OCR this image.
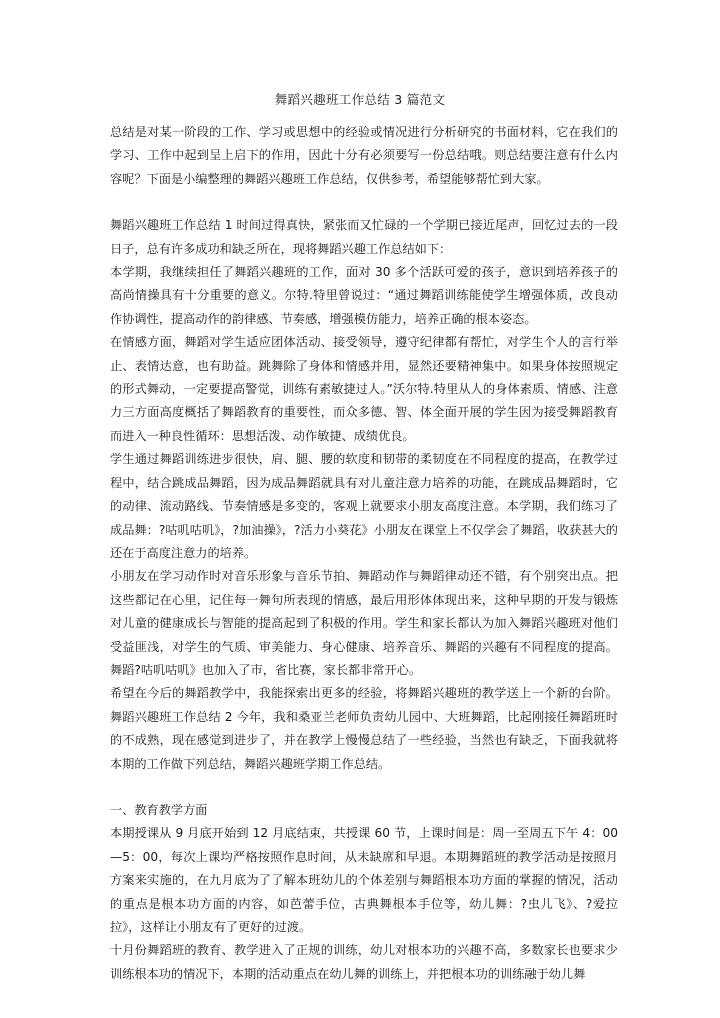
舞蹈兴趣班工作总结 3 篇范文

总结是对某一阶段的工作、学习或思想中的经验或情况进行分析研究的书面材料，它在我们的学习、工作中起到呈上启下的作用，因此十分有必须要写一份总结哦。则总结要注意有什么内容呢？下面是小编整理的舞蹈兴趣班工作总结，仅供参考，希望能够帮忙到大家。

舞蹈兴趣班工作总结 1 时间过得真快，紧张而又忙碌的一个学期已接近尾声，回忆过去的一段日子，总有许多成功和缺乏所在，现将舞蹈兴趣工作总结如下：

本学期，我继续担任了舞蹈兴趣班的工作，面对 30 多个活跃可爱的孩子，意识到培养孩子的高尚情操具有十分重要的意义。尔特.特里曾说过：“通过舞蹈训练能使学生增强体质，改良动作协调性，提高动作的韵律感、节奏感，增强模仿能力，培养正确的根本姿态。

在情感方面，舞蹈对学生适应团体活动、接受领导，遵守纪律都有帮忙，对学生个人的言行举止、表情达意，也有助益。跳舞除了身体和情感并用，显然还要精神集中。如果身体按照规定的形式舞动，一定要提高警觉，训练有素敏捷过人。”沃尔特.特里从人的身体素质、情感、注意力三方面高度概括了舞蹈教育的重要性，而众多德、智、体全面开展的学生因为接受舞蹈教育而进入一种良性循环：思想活泼、动作敏捷、成绩优良。

学生通过舞蹈训练进步很快，肩、腿、腰的软度和韧带的柔韧度在不同程度的提高，在教学过程中，结合跳成品舞蹈，因为成品舞蹈就具有对儿童注意力培养的功能，在跳成品舞蹈时，它的动律、流动路线、节奏情感是多变的，客观上就要求小朋友高度注意。本学期，我们练习了成品舞：?咕叽咕叽》，?加油操》，?活力小葵花》小朋友在课堂上不仅学会了舞蹈，收获甚大的还在于高度注意力的培养。

小朋友在学习动作时对音乐形象与音乐节拍、舞蹈动作与舞蹈律动还不错，有个别突出点。把这些都记在心里，记住每一舞句所表现的情感，最后用形体体现出来，这种早期的开发与锻炼对儿童的健康成长与智能的提高起到了积极的作用。学生和家长都认为加入舞蹈兴趣班对他们受益匪浅，对学生的气质、审美能力、身心健康、培养音乐、舞蹈的兴趣有不同程度的提高。舞蹈?咕叽咕叽》也加入了市，省比赛，家长都非常开心。

希望在今后的舞蹈教学中，我能探索出更多的经验，将舞蹈兴趣班的教学送上一个新的台阶。舞蹈兴趣班工作总结 2 今年，我和桑亚兰老师负责幼儿园中、大班舞蹈，比起刚接任舞蹈班时的不成熟，现在感觉到进步了，并在教学上慢慢总结了一些经验，当然也有缺乏，下面我就将本期的工作做下列总结，舞蹈兴趣班学期工作总结。

一、教育教学方面

本期授课从 9 月底开始到 12 月底结束，共授课 60 节，上课时间是：周一至周五下午 4：00—5：00，每次上课均严格按照作息时间，从未缺席和早退。本期舞蹈班的教学活动是按照月方案来实施的，在九月底为了了解本班幼儿的个体差别与舞蹈根本功方面的掌握的情况，活动的重点是根本功方面的内容，如芭蕾手位，古典舞根本手位等，幼儿舞：?虫儿飞》、?爱拉拉》，这样让小朋友有了更好的过渡。

十月份舞蹈班的教育、教学进入了正规的训练，幼儿对根本功的兴趣不高，多数家长也要求少训练根本功的情况下，本期的活动重点在幼儿舞的训练上，并把根本功的训练融于幼儿舞
